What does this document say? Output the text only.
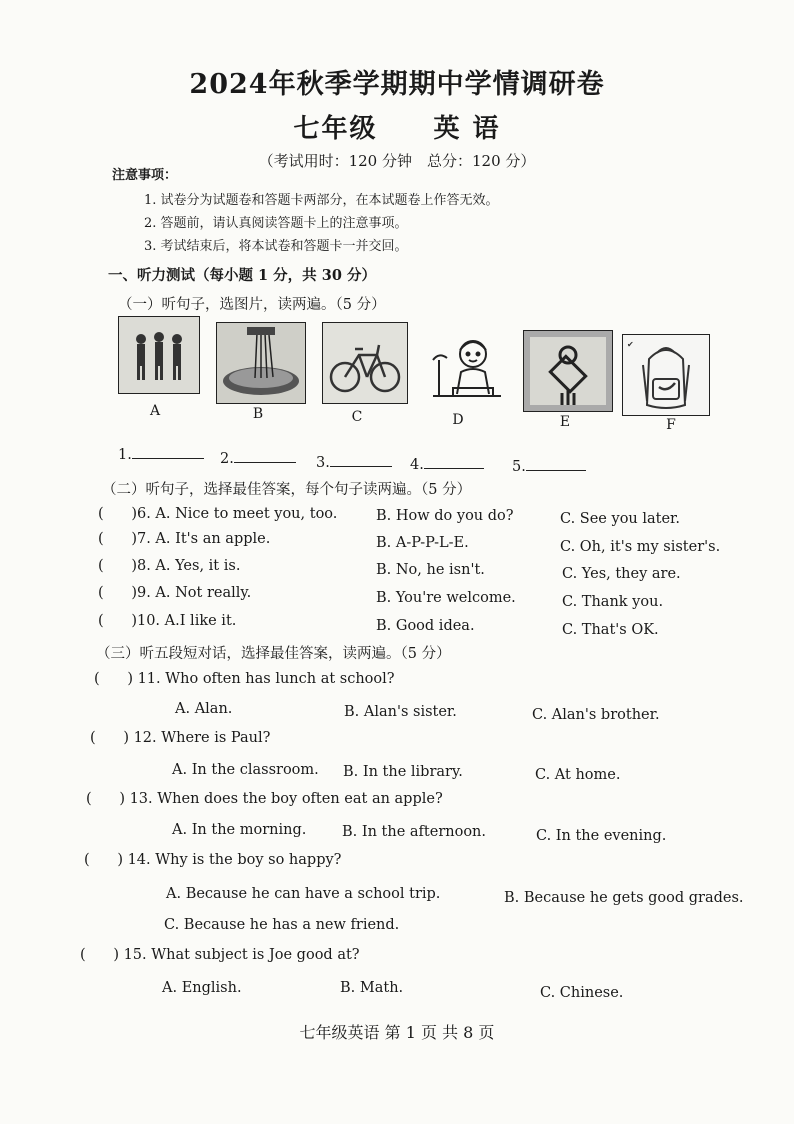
2024年秋季学期期中学情调研卷
七年级 英 语
（考试用时：120 分钟　总分：120 分）
注意事项：
1. 试卷分为试题卷和答题卡两部分，在本试题卷上作答无效。
2. 答题前，请认真阅读答题卡上的注意事项。
3. 考试结束后，将本试卷和答题卡一并交回。
一、听力测试（每小题 1 分，共 30 分）
（一）听句子，选图片，读两遍。（5 分）
✔
A	B	C	D	E	F
1.	2.	3.	4.	5.
（二）听句子，选择最佳答案，每个句子读两遍。（5 分）
(      )6. A. Nice to meet you, too.	B. How do you do?	C. See you later.
(      )7. A. It's an apple.	B. A-P-P-L-E.	C. Oh, it's my sister's.
(      )8. A. Yes, it is.	B. No, he isn't.	C. Yes, they are.
(      )9. A. Not really.	B. You're welcome.	C. Thank you.
(      )10. A.I like it.	B. Good idea.	C. That's OK.
（三）听五段短对话，选择最佳答案，读两遍。（5 分）
(      ) 11. Who often has lunch at school?
A. Alan.	B. Alan's sister.	C. Alan's brother.
(      ) 12. Where is Paul?
A. In the classroom. B. In the library.	C. At home.
(      ) 13. When does the boy often eat an apple?
A. In the morning. B. In the afternoon.	C. In the evening.
(      ) 14. Why is the boy so happy?
A. Because he can have a school trip.	B. Because he gets good grades.
C. Because he has a new friend.
(      ) 15. What subject is Joe good at?
A. English.	B. Math.	C. Chinese.
七年级英语 第 1 页 共 8 页
